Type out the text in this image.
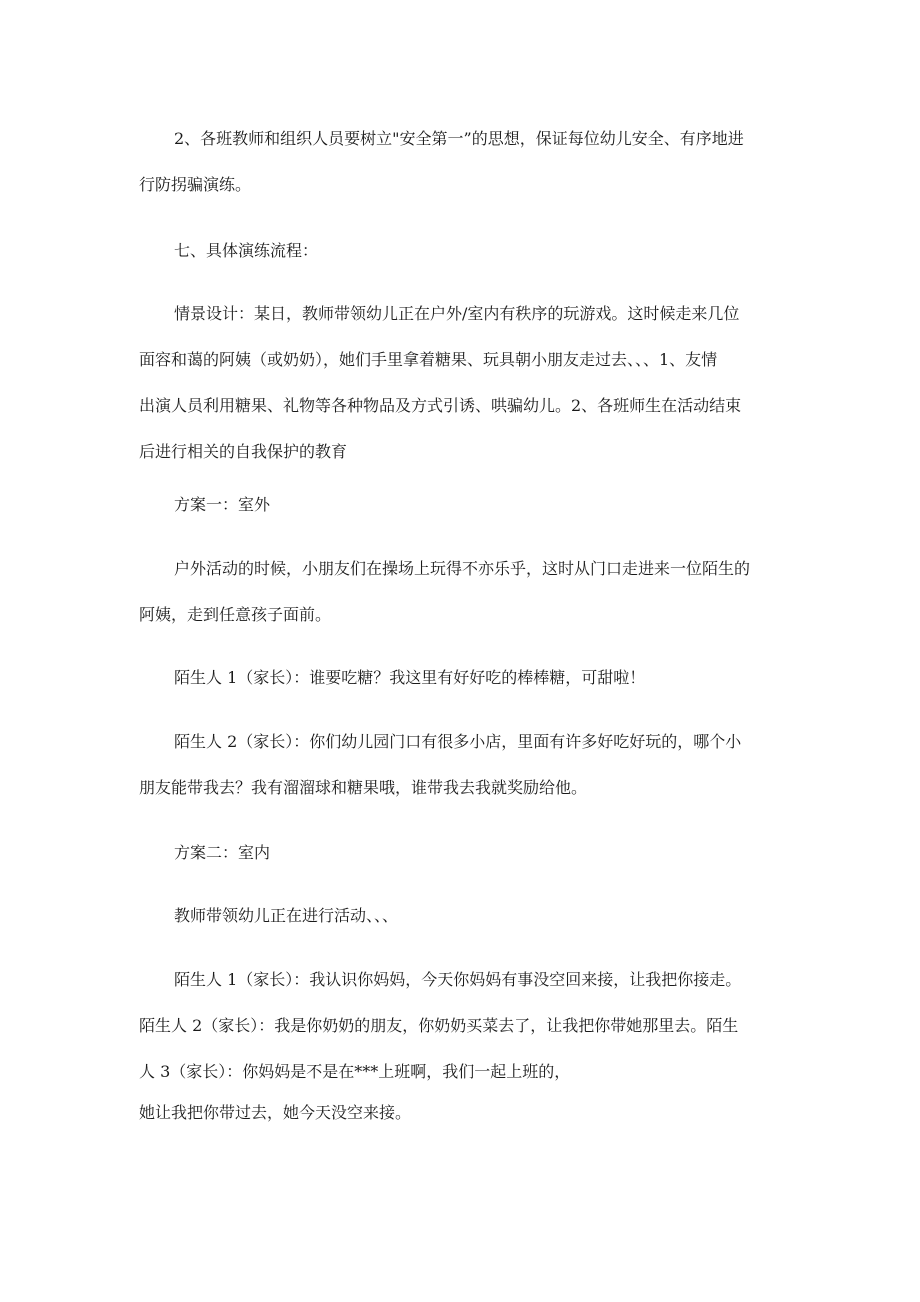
2、各班教师和组织人员要树立"安全第一”的思想，保证每位幼儿安全、有序地进
行防拐骗演练。

七、具体演练流程：

情景设计：某日，教师带领幼儿正在户外/室内有秩序的玩游戏。这时候走来几位
面容和蔼的阿姨（或奶奶），她们手里拿着糖果、玩具朝小朋友走过去、、、1、友情
出演人员利用糖果、礼物等各种物品及方式引诱、哄骗幼儿。2、各班师生在活动结束
后进行相关的自我保护的教育

方案一：室外

户外活动的时候，小朋友们在操场上玩得不亦乐乎，这时从门口走进来一位陌生的
阿姨，走到任意孩子面前。

陌生人 1（家长）：谁要吃糖？我这里有好好吃的棒棒糖，可甜啦！

陌生人 2（家长）：你们幼儿园门口有很多小店，里面有许多好吃好玩的，哪个小
朋友能带我去？我有溜溜球和糖果哦，谁带我去我就奖励给他。

方案二：室内

教师带领幼儿正在进行活动、、、

陌生人 1（家长）：我认识你妈妈，今天你妈妈有事没空回来接，让我把你接走。
陌生人 2（家长）：我是你奶奶的朋友，你奶奶买菜去了，让我把你带她那里去。陌生
人 3（家长）：你妈妈是不是在***上班啊，我们一起上班的，

她让我把你带过去，她今天没空来接。
